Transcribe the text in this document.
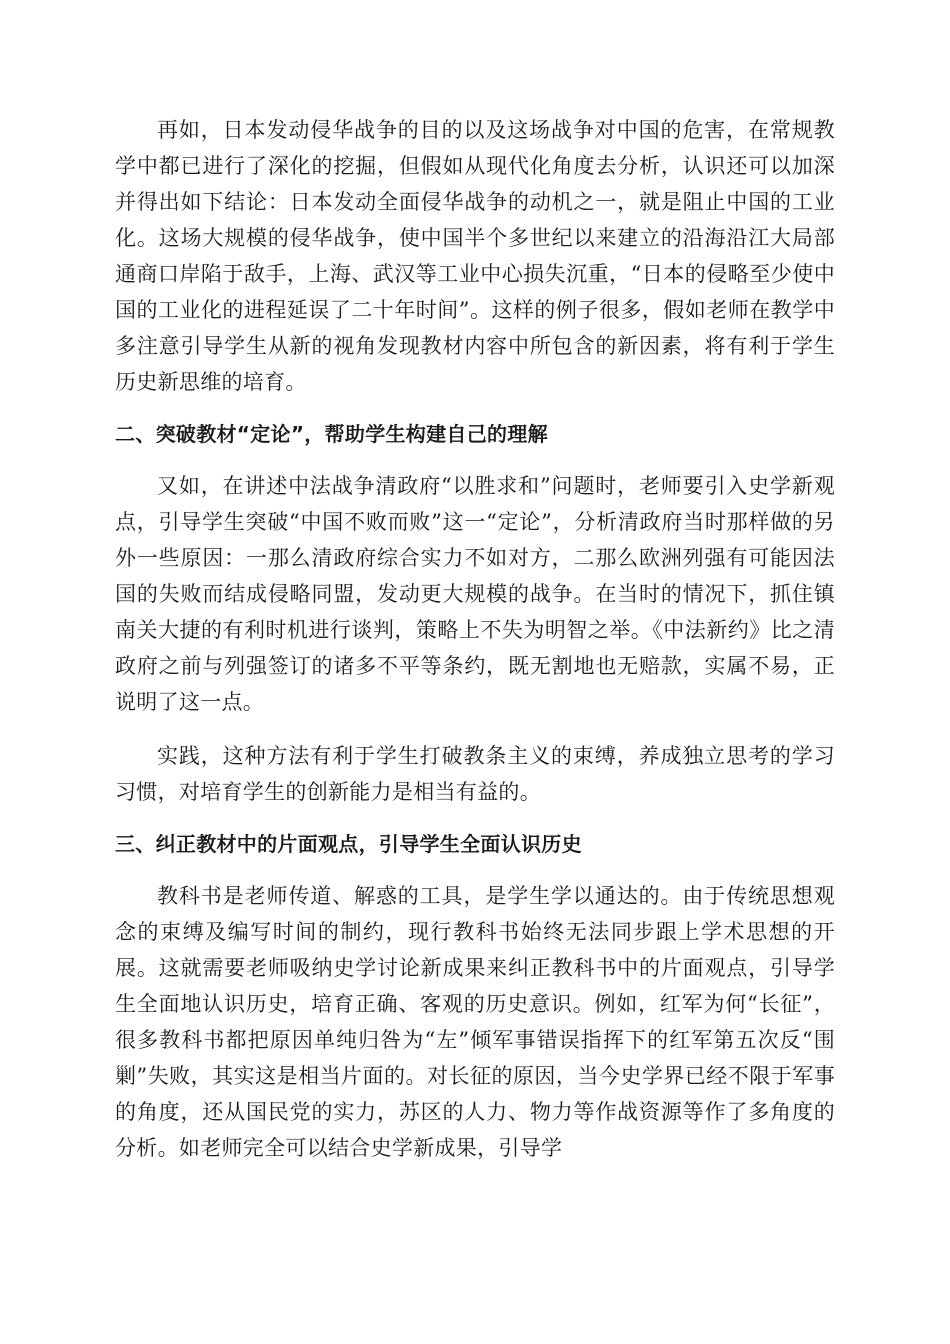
再如，日本发动侵华战争的目的以及这场战争对中国的危害，在常规教学中都已进行了深化的挖掘，但假如从现代化角度去分析，认识还可以加深并得出如下结论：日本发动全面侵华战争的动机之一，就是阻止中国的工业化。这场大规模的侵华战争，使中国半个多世纪以来建立的沿海沿江大局部通商口岸陷于敌手，上海、武汉等工业中心损失沉重，“日本的侵略至少使中国的工业化的进程延误了二十年时间”。这样的例子很多，假如老师在教学中多注意引导学生从新的视角发现教材内容中所包含的新因素，将有利于学生历史新思维的培育。

二、突破教材“定论”，帮助学生构建自己的理解

又如，在讲述中法战争清政府“以胜求和”问题时，老师要引入史学新观点，引导学生突破“中国不败而败”这一“定论”，分析清政府当时那样做的另外一些原因：一那么清政府综合实力不如对方，二那么欧洲列强有可能因法国的失败而结成侵略同盟，发动更大规模的战争。在当时的情况下，抓住镇南关大捷的有利时机进行谈判，策略上不失为明智之举。《中法新约》比之清政府之前与列强签订的诸多不平等条约，既无割地也无赔款，实属不易，正说明了这一点。

实践，这种方法有利于学生打破教条主义的束缚，养成独立思考的学习习惯，对培育学生的创新能力是相当有益的。

三、纠正教材中的片面观点，引导学生全面认识历史

教科书是老师传道、解惑的工具，是学生学以通达的。由于传统思想观念的束缚及编写时间的制约，现行教科书始终无法同步跟上学术思想的开展。这就需要老师吸纳史学讨论新成果来纠正教科书中的片面观点，引导学生全面地认识历史，培育正确、客观的历史意识。例如，红军为何“长征”，很多教科书都把原因单纯归咎为“左”倾军事错误指挥下的红军第五次反“围剿”失败，其实这是相当片面的。对长征的原因，当今史学界已经不限于军事的角度，还从国民党的实力，苏区的人力、物力等作战资源等作了多角度的分析。如老师完全可以结合史学新成果，引导学
